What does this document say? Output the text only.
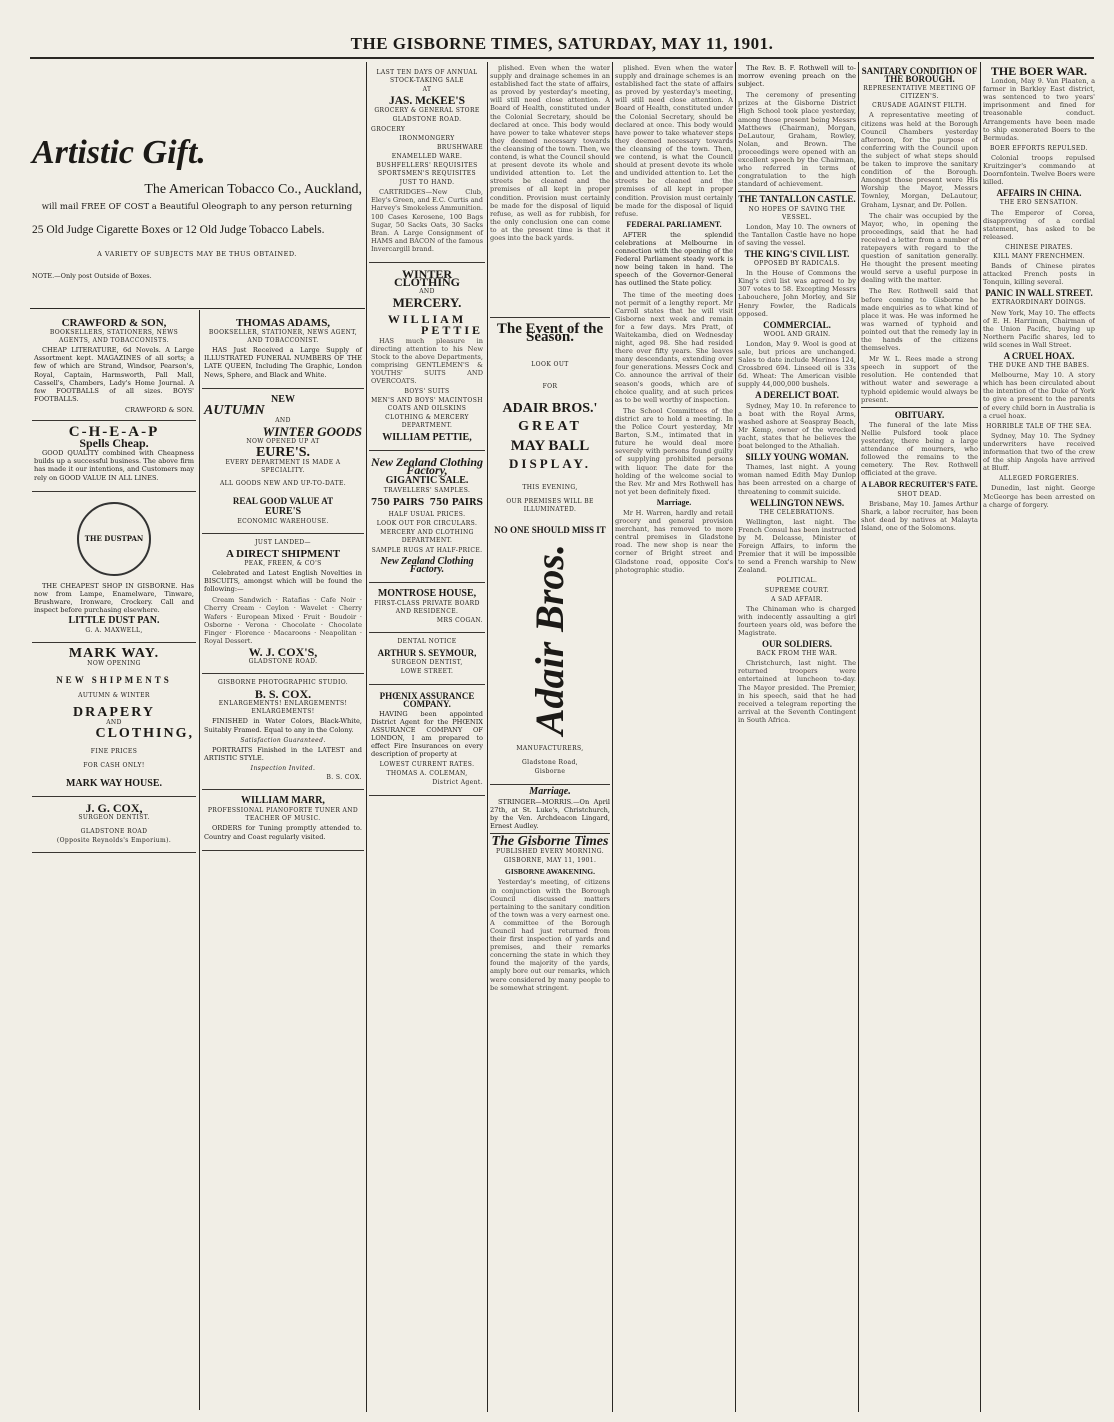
THE GISBORNE TIMES, SATURDAY, MAY 11, 1901.
Artistic Gift.
The American Tobacco Co., Auckland,
will mail FREE OF COST a Beautiful Oleograph to any person returning
25 Old Judge Cigarette Boxes or 12 Old Judge Tobacco Labels.
A VARIETY OF SUBJECTS MAY BE THUS OBTAINED.
NOTE.—Only post Outside of Boxes.
CRAWFORD & SON,
BOOKSELLERS, STATIONERS, NEWS AGENTS, AND TOBACCONISTS.

CHEAP LITERATURE, 6d Novels. A Large Assortment kept. MAGAZINES of all sorts; a few of which are Strand, Windsor, Pearson's, Royal, Captain, Harmsworth, Pall Mall, Cassell's, Chambers, Lady's Home Journal. A few FOOTBALLS of all sizes. BOYS' FOOTBALLS.

CRAWFORD & SON.
C-H-E-A-P
Spells Cheap.

GOOD QUALITY combined with Cheapness builds up a successful business. The above firm has made it our intentions, and Customers may rely on GOOD VALUE IN ALL LINES.

THE DUSTPAN

THE CHEAPEST SHOP IN GISBORNE. Has now from Lampe, Enamelware, Tinware, Brushware, Ironware, Crockery. Call and inspect before purchasing elsewhere.

LITTLE DUST PAN.
G. A. MAXWELL,
MARK WAY.
NOW OPENING
NEW SHIPMENTS
AUTUMN & WINTER
DRAPERY
AND
CLOTHING,
FINE PRICES
FOR CASH ONLY!
MARK WAY HOUSE.
J. G. COX,
SURGEON DENTIST.
GLADSTONE ROAD
(Opposite Reynolds's Emporium).
THOMAS ADAMS,
BOOKSELLER, STATIONER, NEWS AGENT, AND TOBACCONIST.

HAS Just Received a Large Supply of ILLUSTRATED FUNERAL NUMBERS OF THE LATE QUEEN, Including The Graphic, London News, Sphere, and Black and White.

NEW
AUTUMN
AND
WINTER GOODS
NOW OPENED UP AT
EURE'S.
EVERY DEPARTMENT IS MADE A SPECIALITY.
ALL GOODS NEW AND UP-TO-DATE.
REAL GOOD VALUE AT
EURE'S
ECONOMIC WAREHOUSE.
JUST LANDED—
A DIRECT SHIPMENT
PEAK, FREEN, & CO'S

Celebrated and Latest English Novelties in BISCUITS, amongst which will be found the following:—

Cream Sandwich · Ratafias · Cafe Noir · Cherry Cream · Ceylon · Wavelet · Cherry Wafers · European Mixed · Fruit · Boudoir · Osborne · Verona · Chocolate · Chocolate Finger · Florence · Macaroons · Neapolitan · Royal Dessert.

W. J. COX'S,
GLADSTONE ROAD.
GISBORNE PHOTOGRAPHIC STUDIO.
B. S. COX.
ENLARGEMENTS! ENLARGEMENTS! ENLARGEMENTS!

FINISHED in Water Colors, Black-White, Suitably Framed. Equal to any in the Colony.

Satisfaction Guaranteed.

PORTRAITS Finished in the LATEST and ARTISTIC STYLE.

Inspection Invited.
B. S. COX.
WILLIAM MARR,
PROFESSIONAL PIANOFORTE TUNER AND TEACHER OF MUSIC.

ORDERS for Tuning promptly attended to. Country and Coast regularly visited.

LAST TEN DAYS OF ANNUAL STOCK-TAKING SALE
AT
JAS. McKEE'S
GROCERY & GENERAL STORE
GLADSTONE ROAD.
GROCERY
IRONMONGERY
BRUSHWARE
ENAMELLED WARE.
BUSHFELLERS' REQUISITES SPORTSMEN'S REQUISITES
JUST TO HAND.

CARTRIDGES—New Club, Eley's Green, and E.C. Curtis and Harvey's Smokeless Ammunition. 100 Cases Kerosene, 100 Bags Sugar, 50 Sacks Oats, 30 Sacks Bran. A Large Consignment of HAMS and BACON of the famous Invercargill brand.

WINTER CLOTHING
AND
MERCERY.
WILLIAM
PETTIE

HAS much pleasure in directing attention to his New Stock to the above Departments, comprising GENTLEMEN'S & YOUTHS' SUITS AND OVERCOATS.

BOYS' SUITS
MEN'S AND BOYS' MACINTOSH COATS AND OILSKINS
CLOTHING & MERCERY DEPARTMENT.
WILLIAM PETTIE,
New Zealand Clothing Factory,
GIGANTIC SALE.
TRAVELLERS' SAMPLES.
750 PAIRS 750 PAIRS
HALF USUAL PRICES.
LOOK OUT FOR CIRCULARS.
MERCERY AND CLOTHING DEPARTMENT.
SAMPLE RUGS AT HALF-PRICE.
New Zealand Clothing Factory.
MONTROSE HOUSE,
FIRST-CLASS PRIVATE BOARD AND RESIDENCE.
MRS COGAN.
DENTAL NOTICE
ARTHUR S. SEYMOUR,
SURGEON DENTIST,
LOWE STREET.
PHŒNIX ASSURANCE COMPANY.

HAVING been appointed District Agent for the PHŒNIX ASSURANCE COMPANY OF LONDON, I am prepared to effect Fire Insurances on every description of property at

LOWEST CURRENT RATES.
THOMAS A. COLEMAN,
District Agent.

plished. Even when the water supply and drainage schemes in an established fact the state of affairs, as proved by yesterday's meeting, will still need close attention. A Board of Health, constituted under the Colonial Secretary, should be declared at once. This body would have power to take whatever steps they deemed necessary towards the cleansing of the town. Then, we contend, is what the Council should at present devote its whole and undivided attention to. Let the streets be cleaned and the premises of all kept in proper condition. Provision must certainly be made for the disposal of liquid refuse, as well as for rubbish, for the only conclusion one can come to at the present time is that it goes into the back yards.

The Event of the Season.
LOOK OUT
FOR
ADAIR BROS.'
GREAT
MAY BALL
DISPLAY.
THIS EVENING,
OUR PREMISES WILL BE ILLUMINATED.
NO ONE SHOULD MISS IT
Adair Bros.
MANUFACTURERS,
Gladstone Road,
Gisborne
Marriage.

STRINGER—MORRIS.—On April 27th, at St. Luke's, Christchurch, by the Ven. Archdeacon Lingard, Ernest Audley.

The Gisborne Times
PUBLISHED EVERY MORNING.
GISBORNE, MAY 11, 1901.
GISBORNE AWAKENING.

Yesterday's meeting, of citizens in conjunction with the Borough Council discussed matters pertaining to the sanitary condition of the town was a very earnest one. A committee of the Borough Council had just returned from their first inspection of yards and premises, and their remarks concerning the state in which they found the majority of the yards, amply bore out our remarks, which were considered by many people to be somewhat stringent.

plished. Even when the water supply and drainage schemes is an established fact the state of affairs as proved by yesterday's meeting, will still need close attention. A Board of Health, constituted under the Colonial Secretary, should be declared at once. This body would have power to take whatever steps they deemed necessary towards the cleansing of the town. Then, we contend, is what the Council should at present devote its whole and undivided attention to. Let the streets be cleaned and the premises of all kept in proper condition. Provision must certainly be made for the disposal of liquid refuse.

FEDERAL PARLIAMENT.

AFTER the splendid celebrations at Melbourne in connection with the opening of the Federal Parliament steady work is now being taken in hand. The speech of the Governor-General has outlined the State policy.

The time of the meeting does not permit of a lengthy report. Mr Carroll states that he will visit Gisborne next week and remain for a few days. Mrs Pratt, of Waitekamba, died on Wednesday night, aged 98. She had resided there over fifty years. She leaves many descendants, extending over four generations. Messrs Cock and Co. announce the arrival of their season's goods, which are of choice quality, and at such prices as to be well worthy of inspection.

The School Committees of the district are to hold a meeting. In the Police Court yesterday, Mr Barton, S.M., intimated that in future he would deal more severely with persons found guilty of supplying prohibited persons with liquor. The date for the holding of the welcome social to the Rev. Mr and Mrs Rothwell has not yet been definitely fixed.

Marriage.

Mr H. Warren, hardly and retail grocery and general provision merchant, has removed to more central premises in Gladstone road. The new shop is near the corner of Bright street and Gladstone road, opposite Cox's photographic studio.

The Rev. B. F. Rothwell will to-morrow evening preach on the subject.

The ceremony of presenting prizes at the Gisborne District High School took place yesterday, among those present being Messrs Matthews (Chairman), Morgan, DeLautour, Graham, Rowley, Nolan, and Brown. The proceedings were opened with an excellent speech by the Chairman, who referred in terms of congratulation to the high standard of achievement.

THE TANTALLON CASTLE.
NO HOPES OF SAVING THE VESSEL.

London, May 10. The owners of the Tantallon Castle have no hope of saving the vessel.

THE KING'S CIVIL LIST.
OPPOSED BY RADICALS.

In the House of Commons the King's civil list was agreed to by 307 votes to 58. Excepting Messrs Labouchere, John Morley, and Sir Henry Fowler, the Radicals opposed.

COMMERCIAL.
WOOL AND GRAIN.

London, May 9. Wool is good at sale, but prices are unchanged. Sales to date include Merinos 124, Crossbred 694. Linseed oil is 33s 6d. Wheat: The American visible supply 44,000,000 bushels.

A DERELICT BOAT.

Sydney, May 10. In reference to a boat with the Royal Arms, washed ashore at Seaspray Beach, Mr Kemp, owner of the wrecked yacht, states that he believes the boat belonged to the Athaliah.

SILLY YOUNG WOMAN.

Thames, last night. A young woman named Edith May Dunlop has been arrested on a charge of threatening to commit suicide.

WELLINGTON NEWS.
THE CELEBRATIONS.

Wellington, last night. The French Consul has been instructed by M. Delcasse, Minister of Foreign Affairs, to inform the Premier that it will be impossible to send a French warship to New Zealand.

POLITICAL.
SUPREME COURT.
A SAD AFFAIR.

The Chinaman who is charged with indecently assaulting a girl fourteen years old, was before the Magistrate.

OUR SOLDIERS.
BACK FROM THE WAR.

Christchurch, last night. The returned troopers were entertained at luncheon to-day. The Mayor presided. The Premier, in his speech, said that he had received a telegram reporting the arrival at the Seventh Contingent in South Africa.

SANITARY CONDITION OF THE BOROUGH.
REPRESENTATIVE MEETING OF CITIZEN'S.
CRUSADE AGAINST FILTH.

A representative meeting of citizens was held at the Borough Council Chambers yesterday afternoon, for the purpose of conferring with the Council upon the subject of what steps should be taken to improve the sanitary condition of the Borough. Amongst those present were His Worship the Mayor, Messrs Townley, Morgan, DeLautour, Graham, Lysnar, and Dr. Pollen.

The chair was occupied by the Mayor, who, in opening the proceedings, said that he had received a letter from a number of ratepayers with regard to the question of sanitation generally. He thought the present meeting would serve a useful purpose in dealing with the matter.

The Rev. Rothwell said that before coming to Gisborne he made enquiries as to what kind of place it was. He was informed he was warned of typhoid and pointed out that the remedy lay in the hands of the citizens themselves.

Mr W. L. Rees made a strong speech in support of the resolution. He contended that without water and sewerage a typhoid epidemic would always be present.

OBITUARY.

The funeral of the late Miss Nellie Pulsford took place yesterday, there being a large attendance of mourners, who followed the remains to the cemetery. The Rev. Rothwell officiated at the grave.

A LABOR RECRUITER'S FATE.
SHOT DEAD.

Brisbane, May 10. James Arthur Shark, a labor recruiter, has been shot dead by natives at Malayta Island, one of the Solomons.

THE BOER WAR.

London, May 9. Van Plaaten, a farmer in Barkley East district, was sentenced to two years' imprisonment and fined for treasonable conduct. Arrangements have been made to ship exonerated Boers to the Bermudas.

BOER EFFORTS REPULSED.

Colonial troops repulsed Kruitzinger's commando at Doornfontein. Twelve Boers were killed.

AFFAIRS IN CHINA.
THE ERO SENSATION.

The Emperor of Corea, disapproving of a cordial statement, has asked to be released.

CHINESE PIRATES.
KILL MANY FRENCHMEN.

Bands of Chinese pirates attacked French posts in Tonquin, killing several.

PANIC IN WALL STREET.
EXTRAORDINARY DOINGS.

New York, May 10. The effects of E. H. Harriman, Chairman of the Union Pacific, buying up Northern Pacific shares, led to wild scenes in Wall Street.

A CRUEL HOAX.
THE DUKE AND THE BABES.

Melbourne, May 10. A story which has been circulated about the intention of the Duke of York to give a present to the parents of every child born in Australia is a cruel hoax.

HORRIBLE TALE OF THE SEA.

Sydney, May 10. The Sydney underwriters have received information that two of the crew of the ship Angola have arrived at Bluff.

ALLEGED FORGERIES.

Dunedin, last night. George McGeorge has been arrested on a charge of forgery.
